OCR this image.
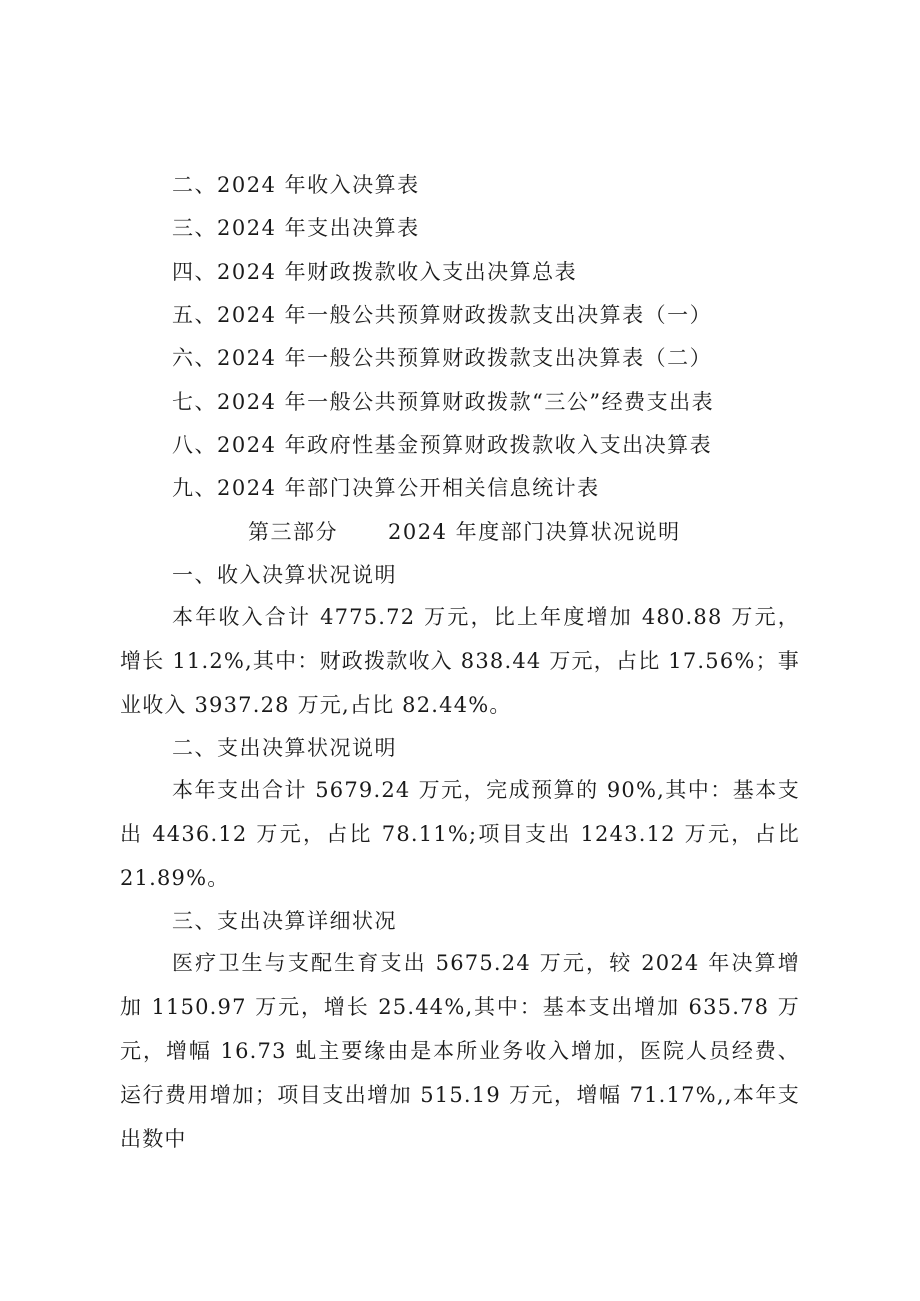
二、2024 年收入决算表
三、2024 年支出决算表
四、2024 年财政拨款收入支出决算总表
五、2024 年一般公共预算财政拨款支出决算表（一）
六、2024 年一般公共预算财政拨款支出决算表（二）
七、2024 年一般公共预算财政拨款“三公”经费支出表
八、2024 年政府性基金预算财政拨款收入支出决算表
九、2024 年部门决算公开相关信息统计表
第三部分 2024 年度部门决算状况说明
一、收入决算状况说明
本年收入合计 4775.72 万元，比上年度增加 480.88 万元，增长 11.2%,其中：财政拨款收入 838.44 万元，占比 17.56%；事业收入 3937.28 万元,占比 82.44%。
二、支出决算状况说明
本年支出合计 5679.24 万元，完成预算的 90%,其中：基本支出 4436.12 万元，占比 78.11%;项目支出 1243.12 万元，占比 21.89%。
三、支出决算详细状况
医疗卫生与支配生育支出 5675.24 万元，较 2024 年决算增加 1150.97 万元，增长 25.44%,其中：基本支出增加 635.78 万元，增幅 16.73 虬主要缘由是本所业务收入增加，医院人员经费、运行费用增加；项目支出增加 515.19 万元，增幅 71.17%,,本年支出数中
